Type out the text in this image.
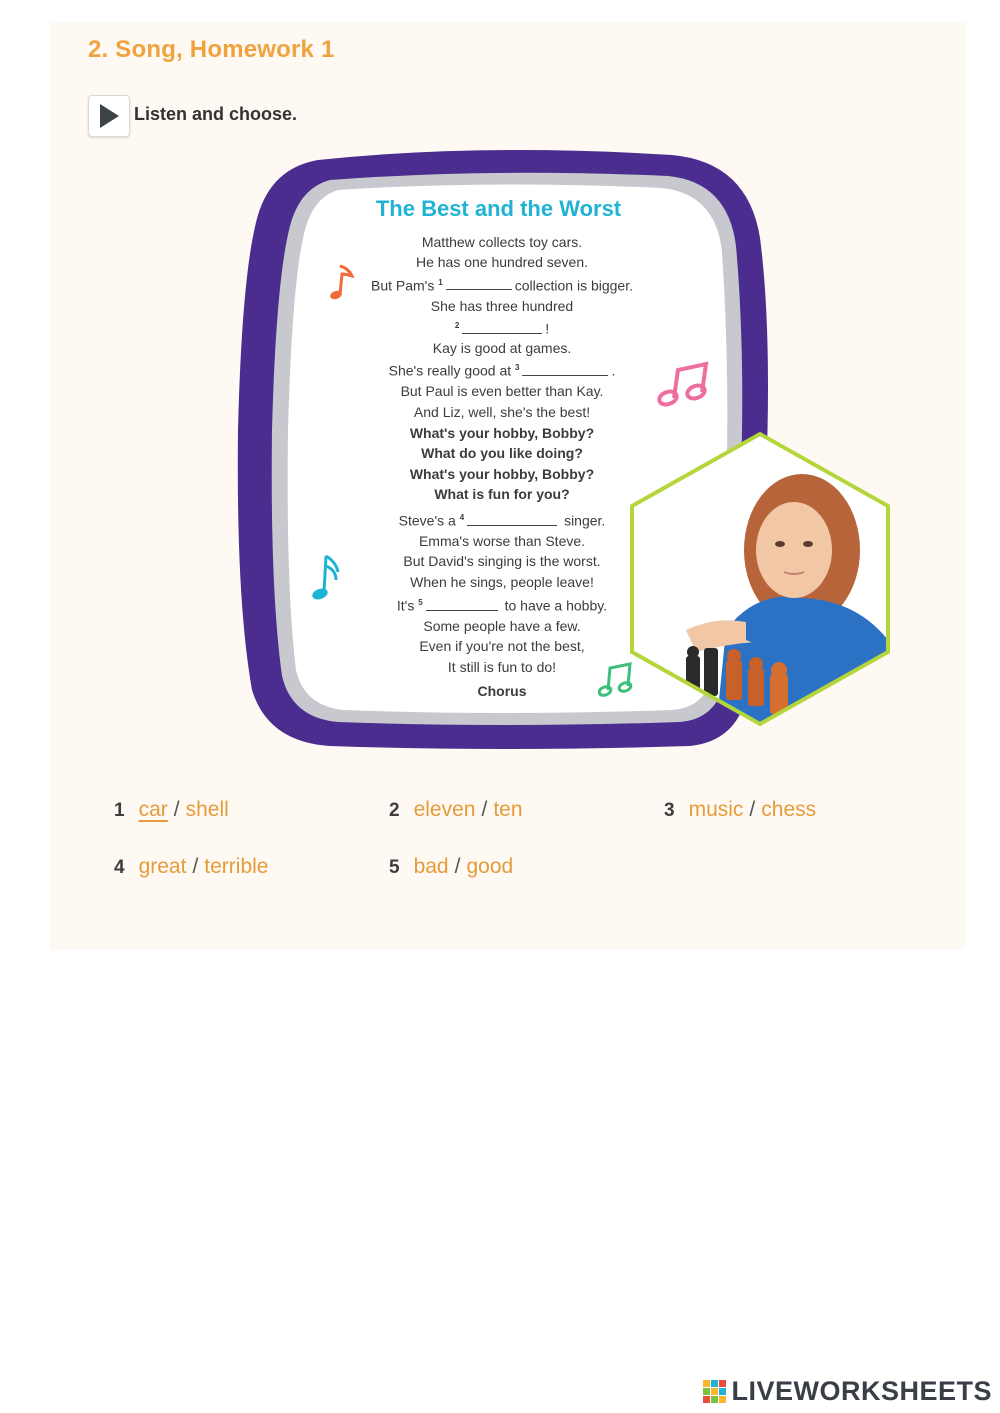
2. Song, Homework 1
Listen and choose.
The Best and the Worst
Matthew collects toy cars.
He has one hundred seven.
But Pam's $^1$	collection is bigger.
She has three hundred
$^2$	!
Kay is good at games.
She's really good at $^3$	.
But Paul is even better than Kay.
And Liz, well, she's the best!
What's your hobby, Bobby?
What do you like doing?
What's your hobby, Bobby?
What is fun for you?
Steve's a $^4$	singer.
Emma's worse than Steve.
But David's singing is the worst.
When he sings, people leave!
It's $^5$	to have a hobby.
Some people have a few.
Even if you're not the best,
It still is fun to do!
Chorus
1 car / shell	2 eleven / ten	3 music / chess
4 great / terrible	5 bad / good
LIVEWORKSHEETS
